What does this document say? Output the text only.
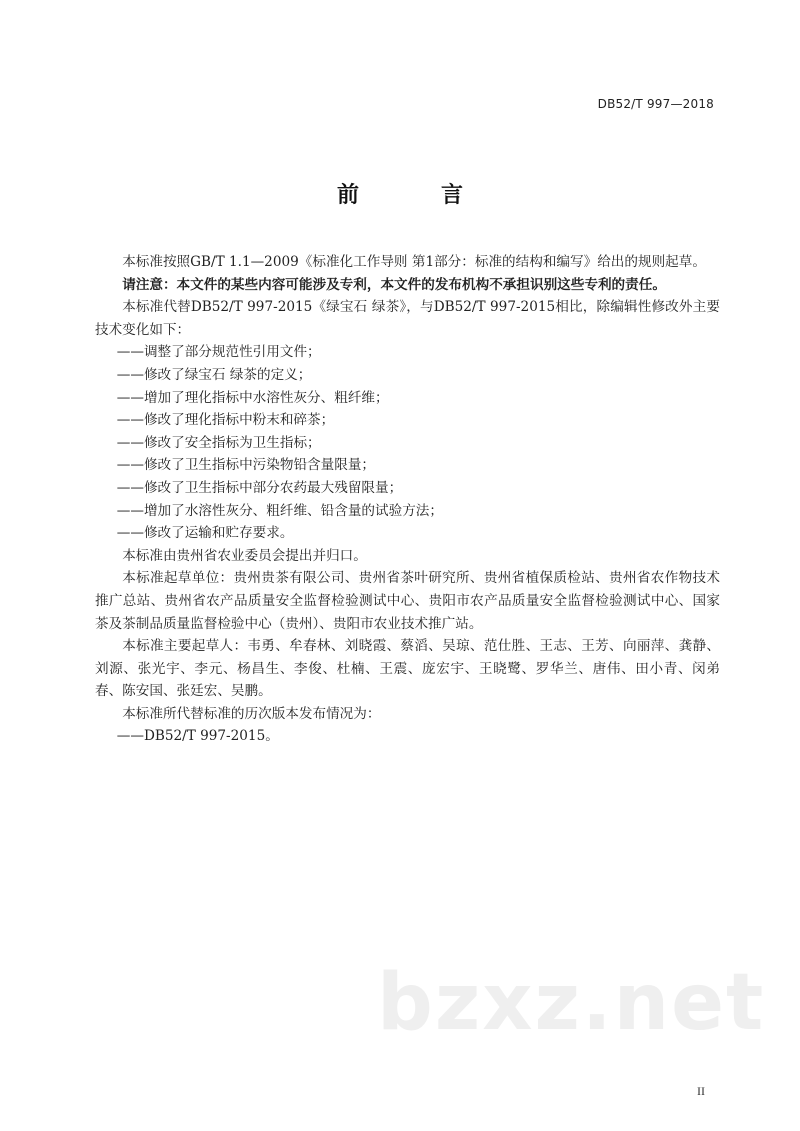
DB52/T 997—2018
前　言

本标准按照GB/T 1.1—2009《标准化工作导则 第1部分：标准的结构和编写》给出的规则起草。

请注意：本文件的某些内容可能涉及专利，本文件的发布机构不承担识别这些专利的责任。

本标准代替DB52/T 997-2015《绿宝石 绿茶》，与DB52/T 997-2015相比，除编辑性修改外主要技术变化如下：

——调整了部分规范性引用文件；

——修改了绿宝石 绿茶的定义；

——增加了理化指标中水溶性灰分、粗纤维；

——修改了理化指标中粉末和碎茶；

——修改了安全指标为卫生指标；

——修改了卫生指标中污染物铅含量限量；

——修改了卫生指标中部分农药最大残留限量；

——增加了水溶性灰分、粗纤维、铅含量的试验方法；

——修改了运输和贮存要求。

本标准由贵州省农业委员会提出并归口。

本标准起草单位：贵州贵茶有限公司、贵州省茶叶研究所、贵州省植保质检站、贵州省农作物技术推广总站、贵州省农产品质量安全监督检验测试中心、贵阳市农产品质量安全监督检验测试中心、国家茶及茶制品质量监督检验中心（贵州）、贵阳市农业技术推广站。

本标准主要起草人：韦勇、牟春林、刘晓霞、蔡滔、吴琼、范仕胜、王志、王芳、向丽萍、龚静、刘源、张光宇、李元、杨昌生、李俊、杜楠、王震、庞宏宇、王晓鹭、罗华兰、唐伟、田小青、闵弟春、陈安国、张廷宏、吴鹏。

本标准所代替标准的历次版本发布情况为：

——DB52/T 997-2015。

bzxz.net
II
